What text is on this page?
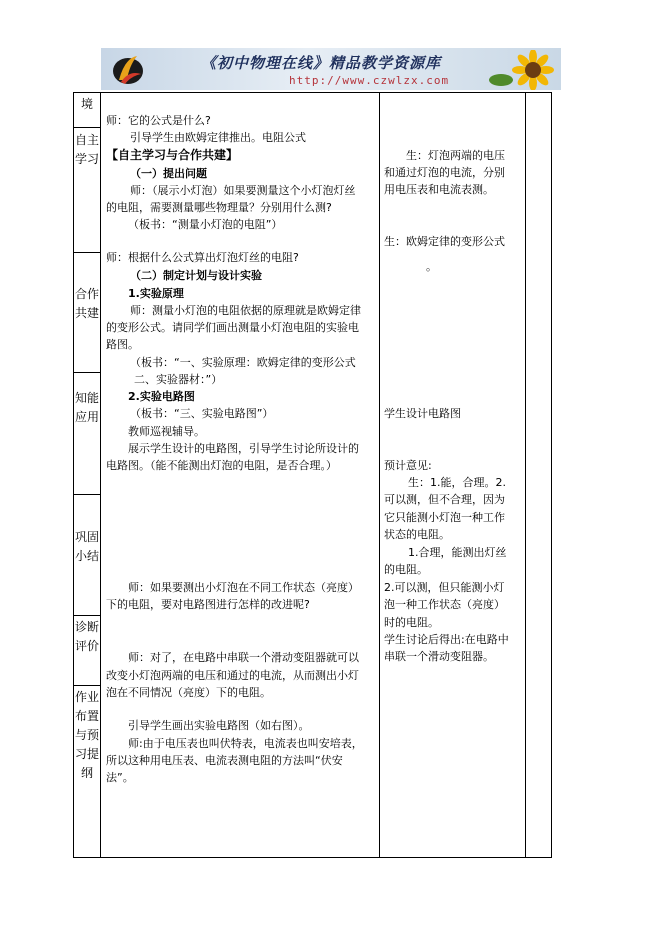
《初中物理在线》精品教学资源库
http://www.czwlzx.com
境
自主学习
合作共建
知能应用
巩固小结
诊断评价
作业布置与预习提纲
师：它的公式是什么?
引导学生由欧姆定律推出。电阻公式
【自主学习与合作共建】
（一）提出问题
师：（展示小灯泡）如果要测量这个小灯泡灯丝
的电阻，需要测量哪些物理量？分别用什么测?
（板书：“测量小灯泡的电阻”）
师：根据什么公式算出灯泡灯丝的电阻?
（二）制定计划与设计实验
1.实验原理
师：测量小灯泡的电阻依据的原理就是欧姆定律
的变形公式。请同学们画出测量小灯泡电阻的实验电
路图。
（板书：“一、实验原理：欧姆定律的变形公式
二、实验器材：”）
2.实验电路图
（板书：“三、实验电路图”）
教师巡视辅导。
展示学生设计的电路图，引导学生讨论所设计的
电路图。（能不能测出灯泡的电阻，是否合理。）
师：如果要测出小灯泡在不同工作状态（亮度）
下的电阻，要对电路图进行怎样的改进呢?
师：对了，在电路中串联一个滑动变阻器就可以
改变小灯泡两端的电压和通过的电流，从而测出小灯
泡在不同情况（亮度）下的电阻。
引导学生画出实验电路图（如右图）。
师:由于电压表也叫伏特表，电流表也叫安培表，
所以这种用电压表、电流表测电阻的方法叫“伏安
法”。
生：灯泡两端的电压
和通过灯泡的电流，分别
用电压表和电流表测。
生：欧姆定律的变形公式
。
学生设计电路图
预计意见:
生：1.能，合理。2.
可以测，但不合理，因为
它只能测小灯泡一种工作
状态的电阻。
1.合理，能测出灯丝
的电阻。
2.可以测，但只能测小灯
泡一种工作状态（亮度）
时的电阻。
学生讨论后得出:在电路中
串联一个滑动变阻器。
